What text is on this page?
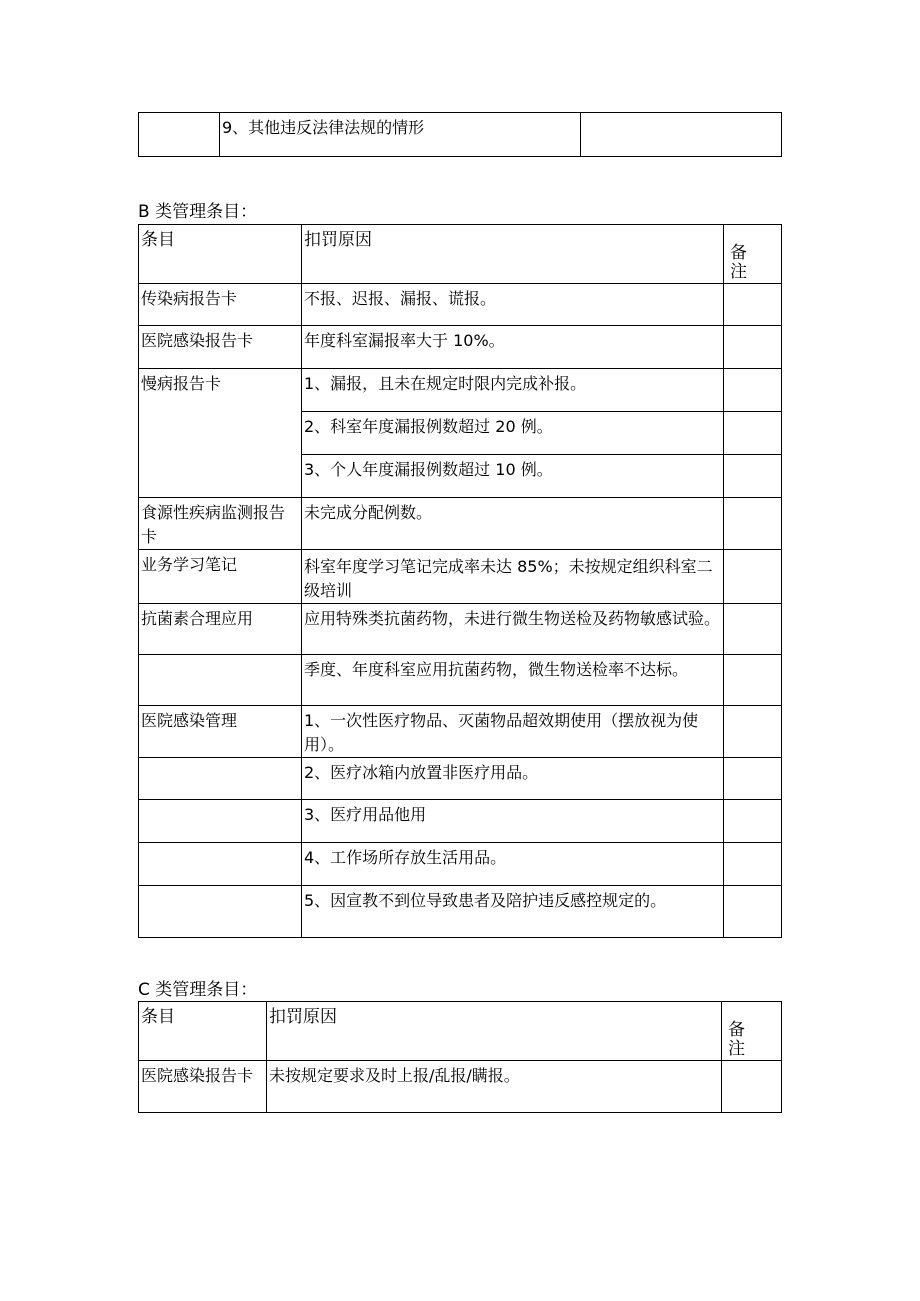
	9、其他违反法律法规的情形	
B 类管理条目：
条目	扣罚原因	备
注
传染病报告卡	不报、迟报、漏报、谎报。	
医院感染报告卡	年度科室漏报率大于 10%。	
慢病报告卡	1、漏报，且未在规定时限内完成补报。	
	2、科室年度漏报例数超过 20 例。	
	3、个人年度漏报例数超过 10 例。	
食源性疾病监测报告卡	未完成分配例数。	
业务学习笔记	科室年度学习笔记完成率未达 85%；未按规定组织科室二级培训	

抗菌素合理应用	应用特殊类抗菌药物，未进行微生物送检及药物敏感试验。	
	季度、年度科室应用抗菌药物，微生物送检率不达标。	
医院感染管理	1、一次性医疗物品、灭菌物品超效期使用（摆放视为使用）。	
	2、医疗冰箱内放置非医疗用品。	
	3、医疗用品他用	
	4、工作场所存放生活用品。	
	5、因宣教不到位导致患者及陪护违反感控规定的。	
C 类管理条目：
条目	扣罚原因	备
注
医院感染报告卡	未按规定要求及时上报/乱报/瞒报。	
